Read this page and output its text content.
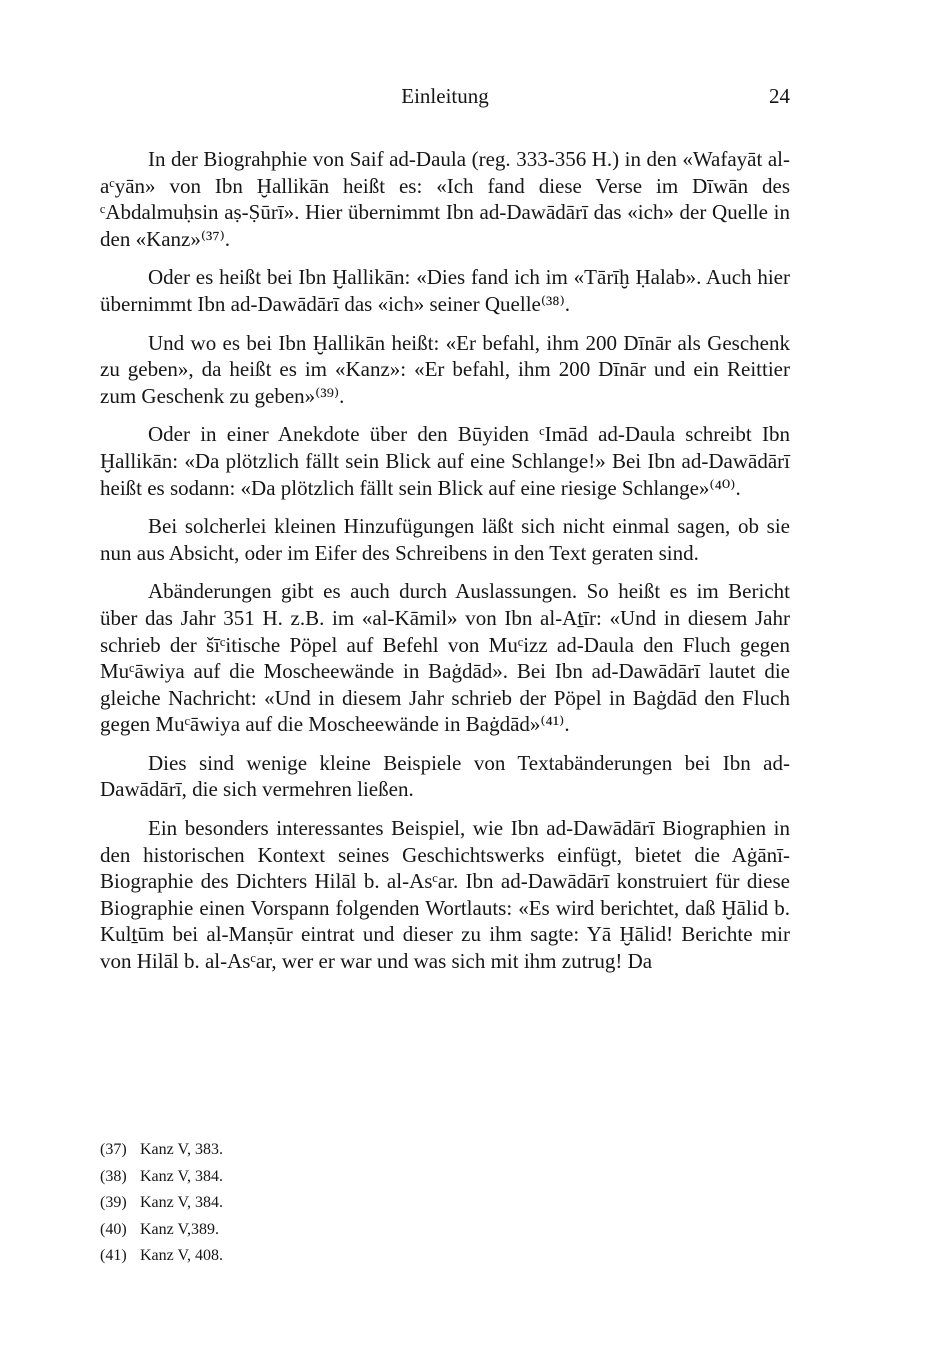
Einleitung	24

In der Biograhphie von Saif ad-Daula (reg. 333-356 H.) in den «Wafayāt al-aᶜyān» von Ibn Ḫallikān heißt es: «Ich fand diese Verse im Dīwān des ᶜAbdalmuḥsin aṣ-Ṣūrī». Hier übernimmt Ibn ad-Dawādārī das «ich» der Quelle in den «Kanz»⁽³⁷⁾.

Oder es heißt bei Ibn Ḫallikān: «Dies fand ich im «Tārīḫ Ḥalab». Auch hier übernimmt Ibn ad-Dawādārī das «ich» seiner Quelle⁽³⁸⁾.

Und wo es bei Ibn Ḫallikān heißt: «Er befahl, ihm 200 Dīnār als Geschenk zu geben», da heißt es im «Kanz»: «Er befahl, ihm 200 Dīnār und ein Reittier zum Geschenk zu geben»⁽³⁹⁾.

Oder in einer Anekdote über den Būyiden ᶜImād ad-Daula schreibt Ibn Ḫallikān: «Da plötzlich fällt sein Blick auf eine Schlange!» Bei Ibn ad-Dawādārī heißt es sodann: «Da plötzlich fällt sein Blick auf eine riesige Schlange»⁽⁴⁰⁾.

Bei solcherlei kleinen Hinzufügungen läßt sich nicht einmal sagen, ob sie nun aus Absicht, oder im Eifer des Schreibens in den Text geraten sind.

Abänderungen gibt es auch durch Auslassungen. So heißt es im Bericht über das Jahr 351 H. z.B. im «al-Kāmil» von Ibn al-Aṯīr: «Und in diesem Jahr schrieb der šīᶜitische Pöpel auf Befehl von Muᶜizz ad-Daula den Fluch gegen Muᶜāwiya auf die Moscheewände in Baġdād». Bei Ibn ad-Dawādārī lautet die gleiche Nachricht: «Und in diesem Jahr schrieb der Pöpel in Baġdād den Fluch gegen Muᶜāwiya auf die Moscheewände in Baġdād»⁽⁴¹⁾.

Dies sind wenige kleine Beispiele von Textabänderungen bei Ibn ad-Dawādārī, die sich vermehren ließen.

Ein besonders interessantes Beispiel, wie Ibn ad-Dawādārī Biographien in den historischen Kontext seines Geschichtswerks einfügt, bietet die Aġānī-Biographie des Dichters Hilāl b. al-Asᶜar. Ibn ad-Dawādārī konstruiert für diese Biographie einen Vorspann folgenden Wortlauts: «Es wird berichtet, daß Ḫālid b. Kulṯūm bei al-Manṣūr eintrat und dieser zu ihm sagte: Yā Ḫālid! Berichte mir von Hilāl b. al-Asᶜar, wer er war und was sich mit ihm zutrug! Da

(37) Kanz V, 383.
(38) Kanz V, 384.
(39) Kanz V, 384.
(40) Kanz V,389.
(41) Kanz V, 408.
